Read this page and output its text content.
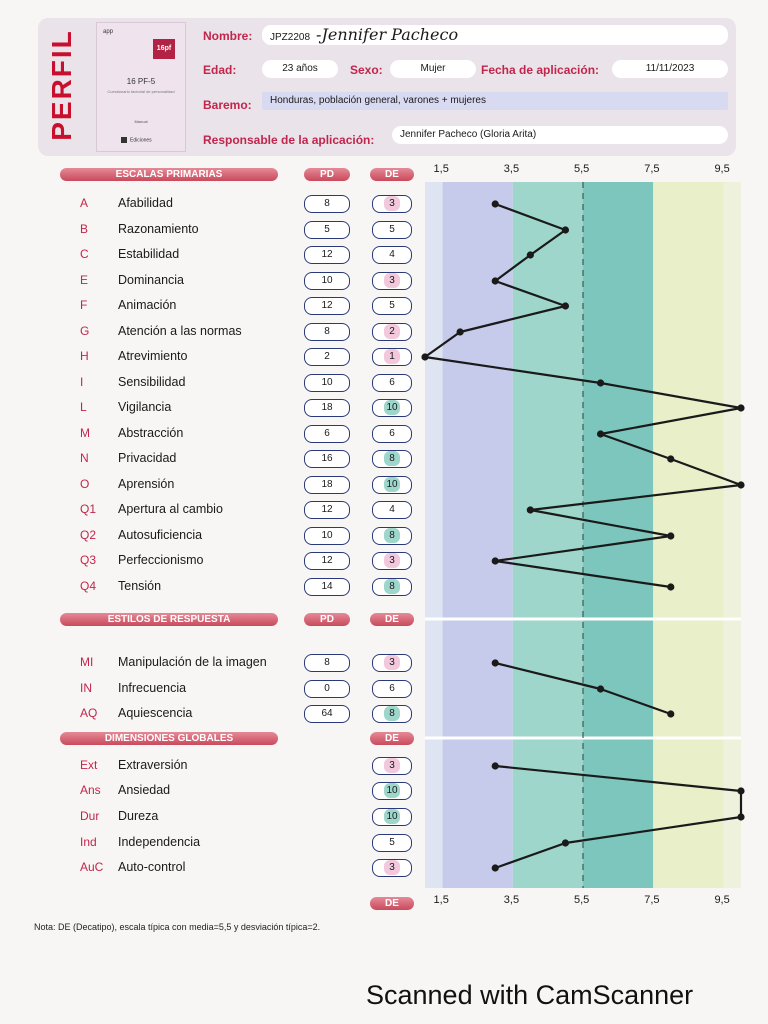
PERFIL	app
16pf
16 PF-5
Cuestionario factorial de personalidad
Manual
Ediciones
Nombre:	JPZ2208 -Jennifer Pacheco
Edad:	23 años	Sexo:	Mujer	Fecha de aplicación:	11/11/2023
Baremo:	Honduras, población general, varones + mujeres
Responsable de la aplicación:	Jennifer Pacheco (Gloria Arita)
ESCALAS PRIMARIAS	PD	DE
ESTILOS DE RESPUESTA	PD	DE
DIMENSIONES GLOBALES	DE
DE
A Afabilidad	8	3
B Razonamiento	5	5
C Estabilidad	12	4
E Dominancia	10	3
F Animación	12	5
G Atención a las normas	8	2
H Atrevimiento	2	1
I	Sensibilidad	10	6
L	Vigilancia	18	10
M Abstracción	6	6
N Privacidad	16	8
O Aprensión	18	10
Q1 Apertura al cambio	12	4
Q2 Autosuficiencia	10	8
Q3 Perfeccionismo	12	3
Q4 Tensión	14	8
MI Manipulación de la imagen	8	3
IN Infrecuencia	0	6
AQ Aquiescencia	64	8
Ext Extraversión	3
Ans Ansiedad	10
Dur Dureza	10
Ind Independencia	5
AuC Auto-control	3
1,5	3,5	5,5	7,5	9,5
1,5	3,5	5,5	7,5	9,5
Nota: DE (Decatipo), escala típica con media=5,5 y desviación típica=2.
Scanned with CamScanner
